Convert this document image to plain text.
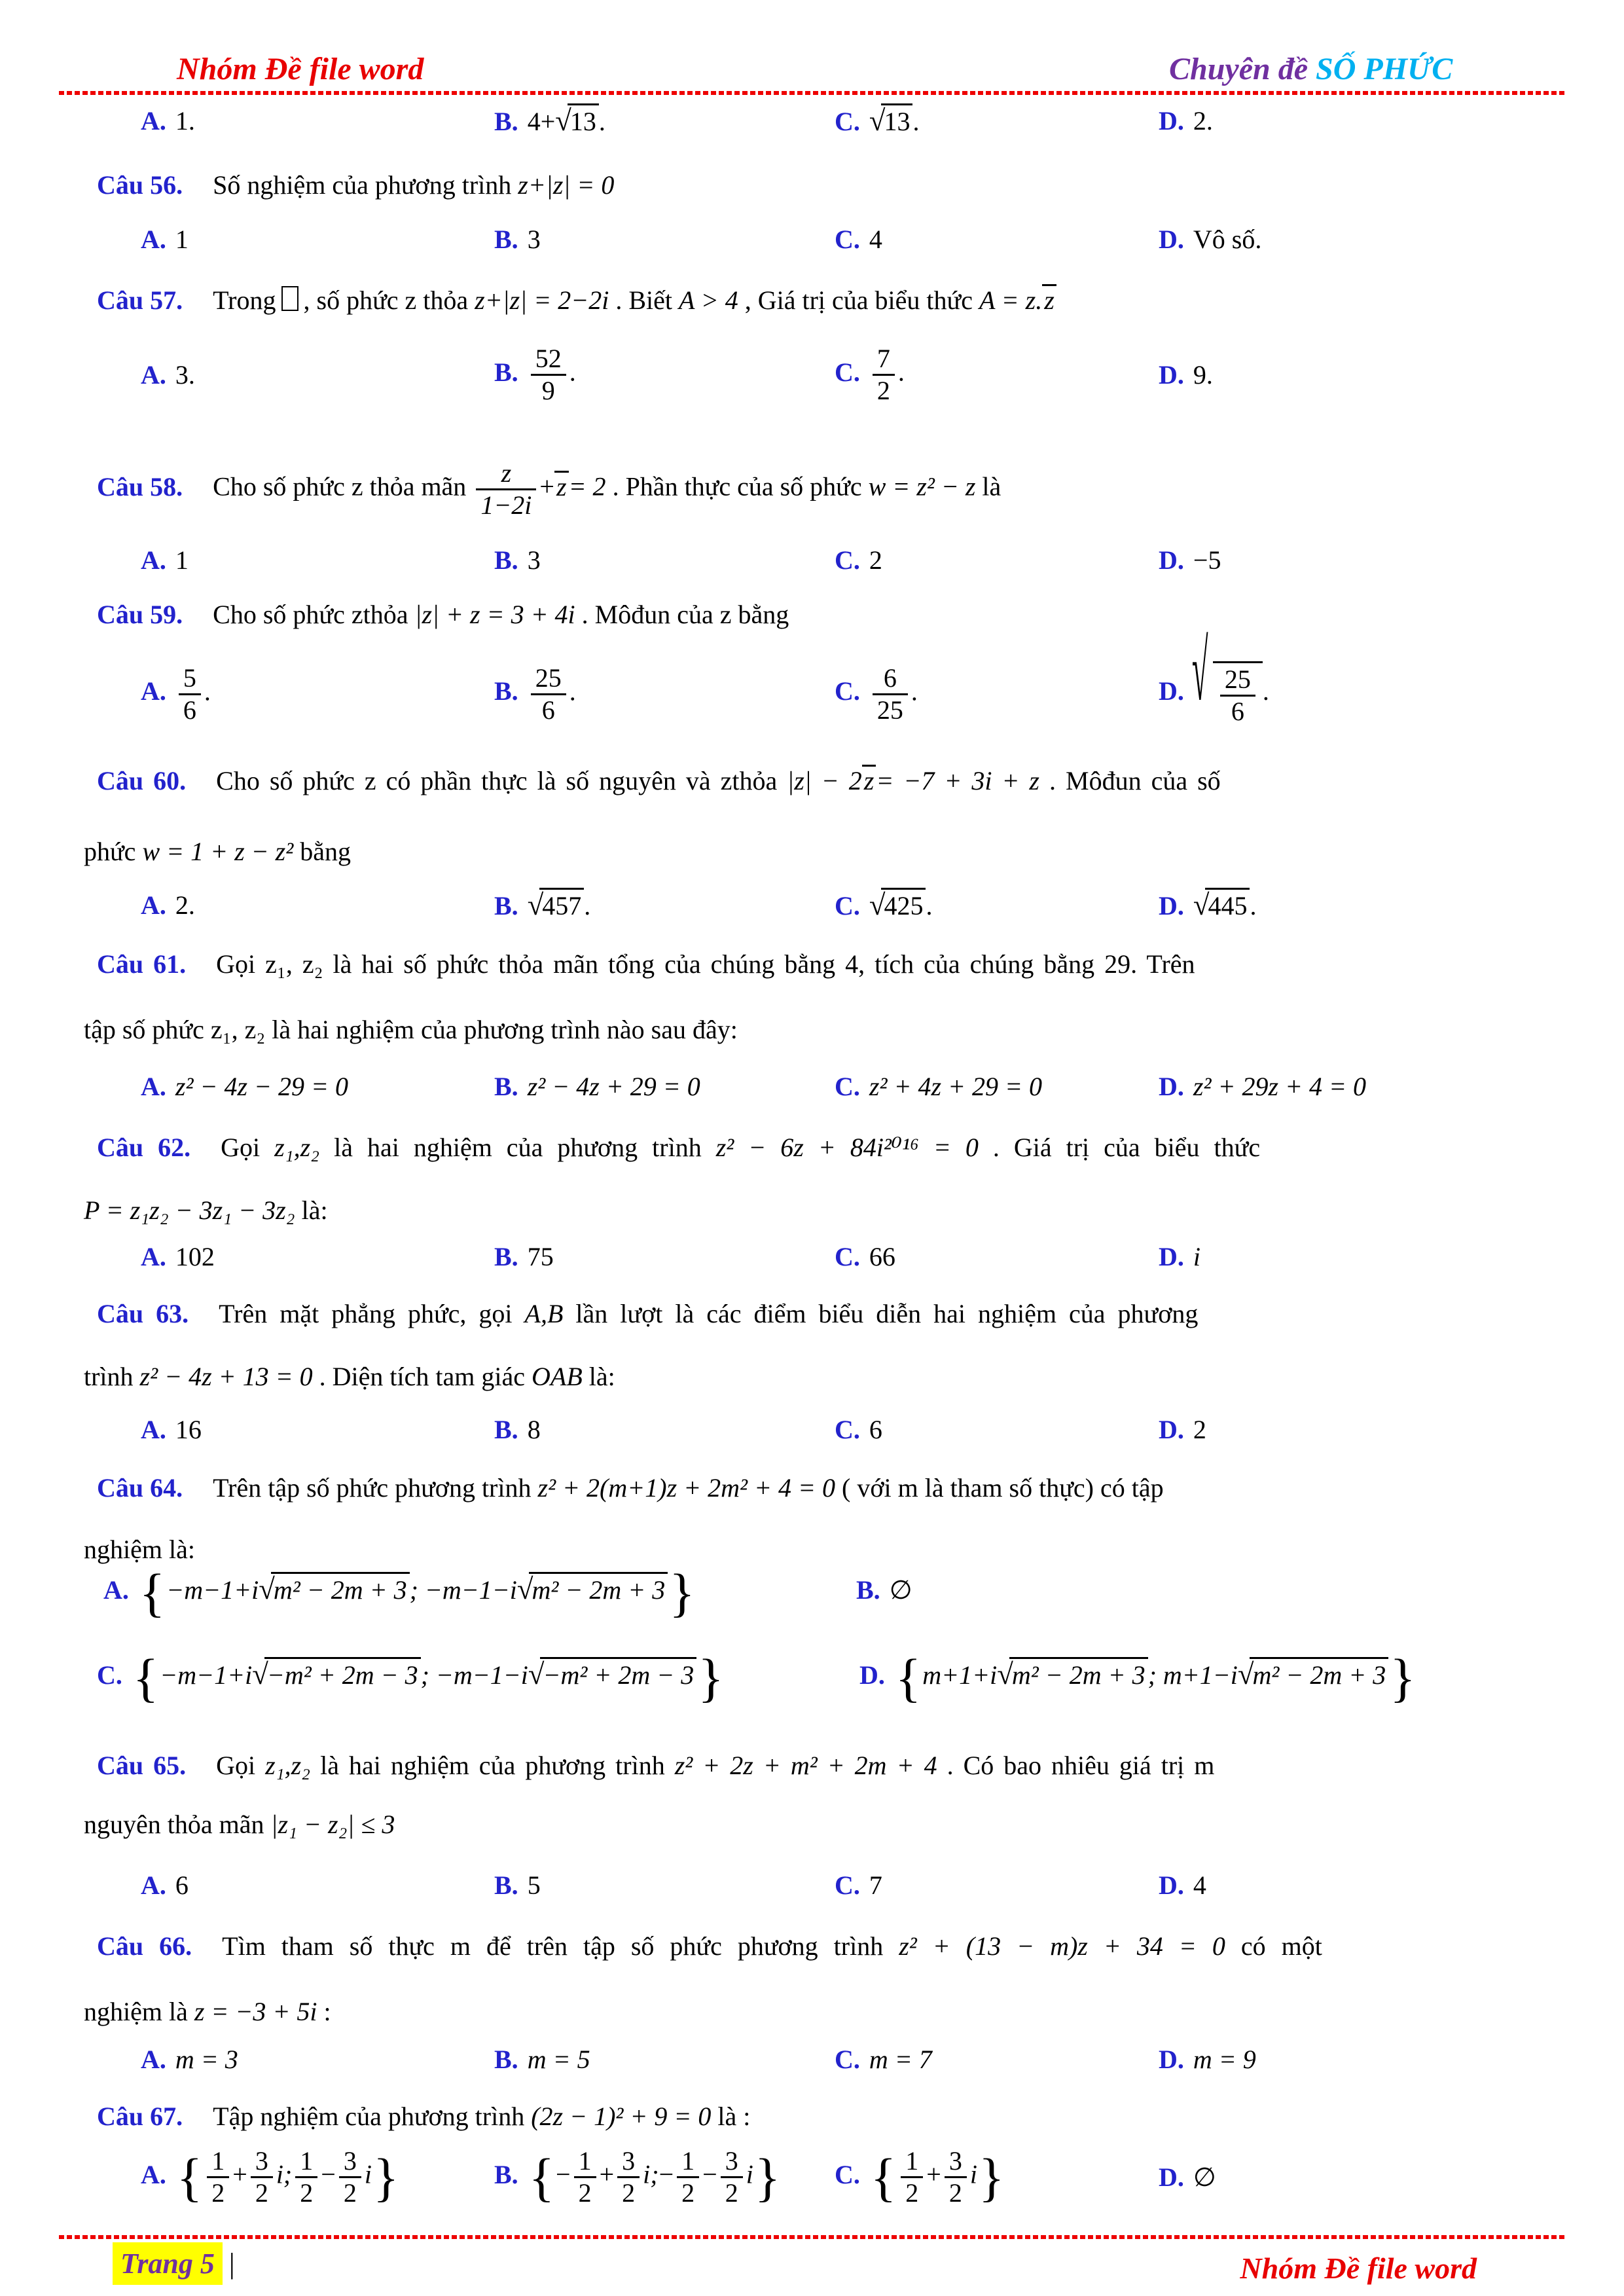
Nhóm Đề file word	Chuyên đề SỐ PHỨC
A. 1.	B. 4+√13 .	C. √13 .	D. 2.
Câu 56. Số nghiệm của phương trình z+|z| = 0
A. 1	B. 3	C. 4	D. Vô số.
Câu 57. Trong , số phức z thỏa z+|z| = 2−2i . Biết A > 4 , Giá trị của biểu thức A = z.z
A. 3.	B. $\frac{52}{9}$ .	C. $\frac{7}{2}$ .	D. 9.
Câu 58. Cho số phức z thỏa mãn $\frac{z}{1-2i} +z= 2$ . Phần thực của số phức w = z² − z là
A. 1	B. 3	C. 2	D. −5
Câu 59. Cho số phức zthỏa |z| + z = 3 + 4i . Môđun của z bằng
A. $\frac{5}{6}$ .	B. $\frac{25}{6}$ .	C. $\frac{6}{25}$ .	D. √ $\frac{25}{6}$ .
Câu 60. Cho số phức z có phần thực là số nguyên và zthỏa |z| − 2z= −7 + 3i + z . Môđun của số
phức w = 1 + z − z² bằng
A. 2.	B. √457 .	C. √425 .	D. √445 .
Câu 61. Gọi z₁, z₂ là hai số phức thỏa mãn tổng của chúng bằng 4, tích của chúng bằng 29. Trên
tập số phức z₁, z₂ là hai nghiệm của phương trình nào sau đây:
A. z² − 4z − 29 = 0	B. z² − 4z + 29 = 0	C. z² + 4z + 29 = 0	D. z² + 29z + 4 = 0
Câu 62. Gọi z₁,z₂ là hai nghiệm của phương trình z² − 6z + 84i²⁰¹⁶ = 0 . Giá trị của biểu thức
P = z₁z₂ − 3z₁ − 3z₂ là:
A. 102	B. 75	C. 66	D. i
Câu 63. Trên mặt phẳng phức, gọi A,B lần lượt là các điểm biểu diễn hai nghiệm của phương
trình z² − 4z + 13 = 0 . Diện tích tam giác OAB là:
A. 16	B. 8	C. 6	D. 2
Câu 64. Trên tập số phức phương trình z² + 2(m+1)z + 2m² + 4 = 0 ( với m là tham số thực) có tập
nghiệm là:
A. {−m−1+i√m² − 2m + 3 ; −m−1−i√m² − 2m + 3}	B. ∅
C. {−m−1+i√−m² + 2m − 3 ; −m−1−i√−m² + 2m − 3}	D. {m+1+i√m² − 2m + 3 ; m+1−i√m² − 2m + 3}
Câu 65. Gọi z₁,z₂ là hai nghiệm của phương trình z² + 2z + m² + 2m + 4 . Có bao nhiêu giá trị m
nguyên thỏa mãn |z₁ − z₂| ≤ 3
A. 6	B. 5	C. 7	D. 4
Câu 66. Tìm tham số thực m để trên tập số phức phương trình z² + (13 − m)z + 34 = 0 có một
nghiệm là z = −3 + 5i :
A. m = 3	B. m = 5	C. m = 7	D. m = 9
Câu 67. Tập nghiệm của phương trình (2z − 1)² + 9 = 0 là :
A. { $\frac{1}{2} + \frac{3}{2} i$; $\frac{1}{2} - \frac{3}{2} i$}	B. {− $\frac{1}{2} + \frac{3}{2}$ i;− $\frac{1}{2} - \frac{3}{2} i$}	C. { $\frac{1}{2} + \frac{3}{2} i$}	D. ∅
Trang 5 |	Nhóm Đề file word
